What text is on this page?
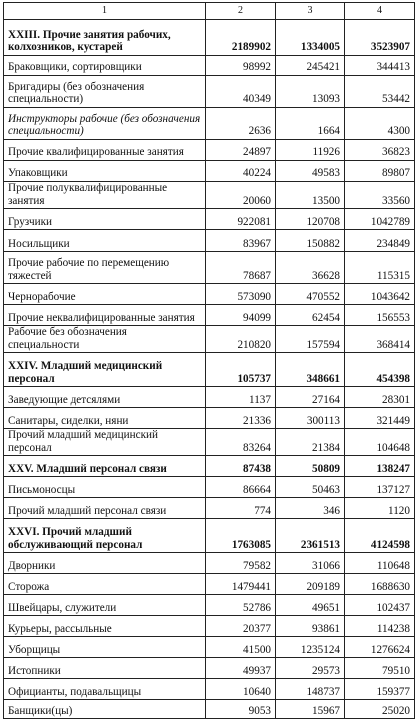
1	2	3	4
XXIII. Прочие занятия рабочих, колхозников, кустарей	2189902	1334005	3523907
Браковщики, сортировщики	98992	245421	344413
Бригадиры (без обозначения специальности)	40349	13093	53442
Инструкторы рабочие (без обозначения специальности)	2636	1664	4300
Прочие квалифицированные занятия	24897	11926	36823
Упаковщики	40224	49583	89807
Прочие полуквалифицированные занятия	20060	13500	33560
Грузчики	922081	120708	1042789
Носильщики	83967	150882	234849
Прочие рабочие по перемещению тяжестей	78687	36628	115315
Чернорабочие	573090	470552	1043642
Прочие неквалифицированные занятия	94099	62454	156553
Рабочие без обозначения специальности	210820	157594	368414
XXIV. Младший медицинский персонал	105737	348661	454398
Заведующие детсялями	1137	27164	28301
Санитары, сиделки, няни	21336	300113	321449
Прочий младший медицинский персонал	83264	21384	104648
XXV. Младший персонал связи	87438	50809	138247
Письмоносцы	86664	50463	137127
Прочий младший персонал связи	774	346	1120
XXVI. Прочий младший обслуживающий персонал	1763085	2361513	4124598
Дворники	79582	31066	110648
Сторожа	1479441	209189	1688630
Швейцары, служители	52786	49651	102437
Курьеры, рассыльные	20377	93861	114238
Уборщицы	41500	1235124	1276624
Истопники	49937	29573	79510
Официанты, подавальщицы	10640	148737	159377
Банщики(цы)	9053	15967	25020
